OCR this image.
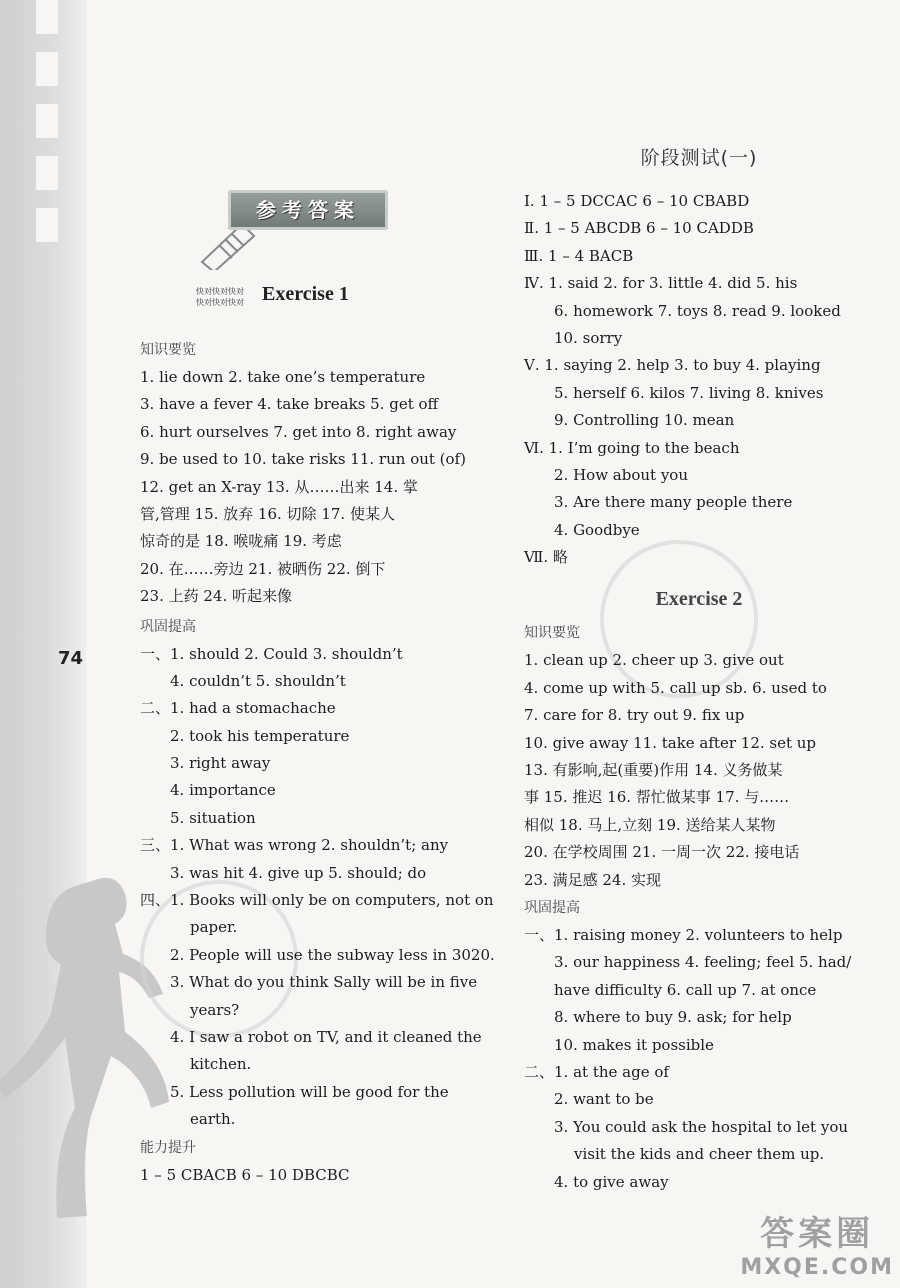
74
参考答案
快对快对快对
快对快对快对 Exercise 1
知识要览
1. lie down 2. take one’s temperature
3. have a fever 4. take breaks 5. get off
6. hurt ourselves 7. get into 8. right away
9. be used to 10. take risks 11. run out (of)
12. get an X-ray 13. 从……出来 14. 掌
管,管理 15. 放弃 16. 切除 17. 使某人
惊奇的是 18. 喉咙痛 19. 考虑
20. 在……旁边 21. 被晒伤 22. 倒下
23. 上药 24. 听起来像
巩固提高
一、1. should 2. Could 3. shouldn’t
4. couldn’t 5. shouldn’t
二、1. had a stomachache
2. took his temperature
3. right away
4. importance
5. situation
三、1. What was wrong 2. shouldn’t; any
3. was hit 4. give up 5. should; do
四、1. Books will only be on computers, not on
paper.
2. People will use the subway less in 3020.
3. What do you think Sally will be in five
years?
4. I saw a robot on TV, and it cleaned the
kitchen.
5. Less pollution will be good for the
earth.
能力提升
1 – 5 CBACB 6 – 10 DBCBC
阶段测试(一)
Ⅰ. 1 – 5 DCCAC 6 – 10 CBABD
Ⅱ. 1 – 5 ABCDB 6 – 10 CADDB
Ⅲ. 1 – 4 BACB
Ⅳ. 1. said 2. for 3. little 4. did 5. his
6. homework 7. toys 8. read 9. looked
10. sorry
Ⅴ. 1. saying 2. help 3. to buy 4. playing
5. herself 6. kilos 7. living 8. knives
9. Controlling 10. mean
Ⅵ. 1. I’m going to the beach
2. How about you
3. Are there many people there
4. Goodbye
Ⅶ. 略
Exercise 2
知识要览
1. clean up 2. cheer up 3. give out
4. come up with 5. call up sb. 6. used to
7. care for 8. try out 9. fix up
10. give away 11. take after 12. set up
13. 有影响,起(重要)作用 14. 义务做某
事 15. 推迟 16. 帮忙做某事 17. 与……
相似 18. 马上,立刻 19. 送给某人某物
20. 在学校周围 21. 一周一次 22. 接电话
23. 满足感 24. 实现
巩固提高
一、1. raising money 2. volunteers to help
3. our happiness 4. feeling; feel 5. had/
have difficulty 6. call up 7. at once
8. where to buy 9. ask; for help
10. makes it possible
二、1. at the age of
2. want to be
3. You could ask the hospital to let you
visit the kids and cheer them up.
4. to give away
答案圈
MXQE.COM
